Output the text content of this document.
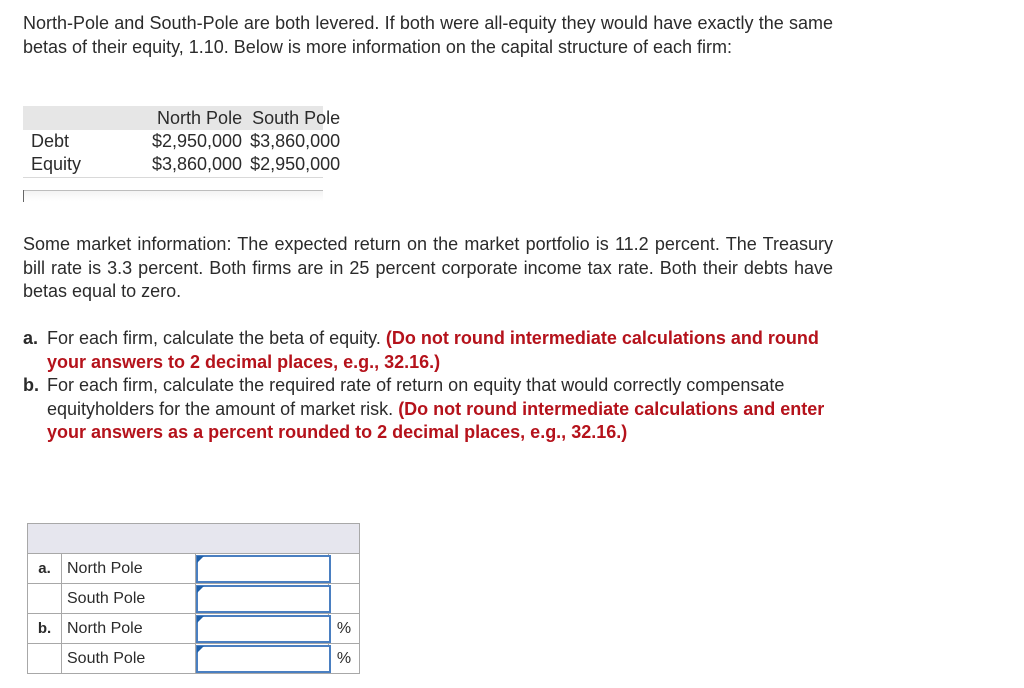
North-Pole and South-Pole are both levered. If both were all-equity they would have exactly the same betas of their equity, 1.10. Below is more information on the capital structure of each firm:

	North Pole	South Pole
Debt	$2,950,000	$3,860,000
Equity	$3,860,000	$2,950,000

Some market information: The expected return on the market portfolio is 11.2 percent. The Treasury bill rate is 3.3 percent. Both firms are in 25 percent corporate income tax rate. Both their debts have betas equal to zero.

a. For each firm, calculate the beta of equity. (Do not round intermediate calculations and round your answers to 2 decimal places, e.g., 32.16.)
b. For each firm, calculate the required rate of return on equity that would correctly compensate equityholders for the amount of market risk. (Do not round intermediate calculations and enter your answers as a percent rounded to 2 decimal places, e.g., 32.16.)

a.	North Pole	

	South Pole	

b.	North Pole		%
	South Pole		%
